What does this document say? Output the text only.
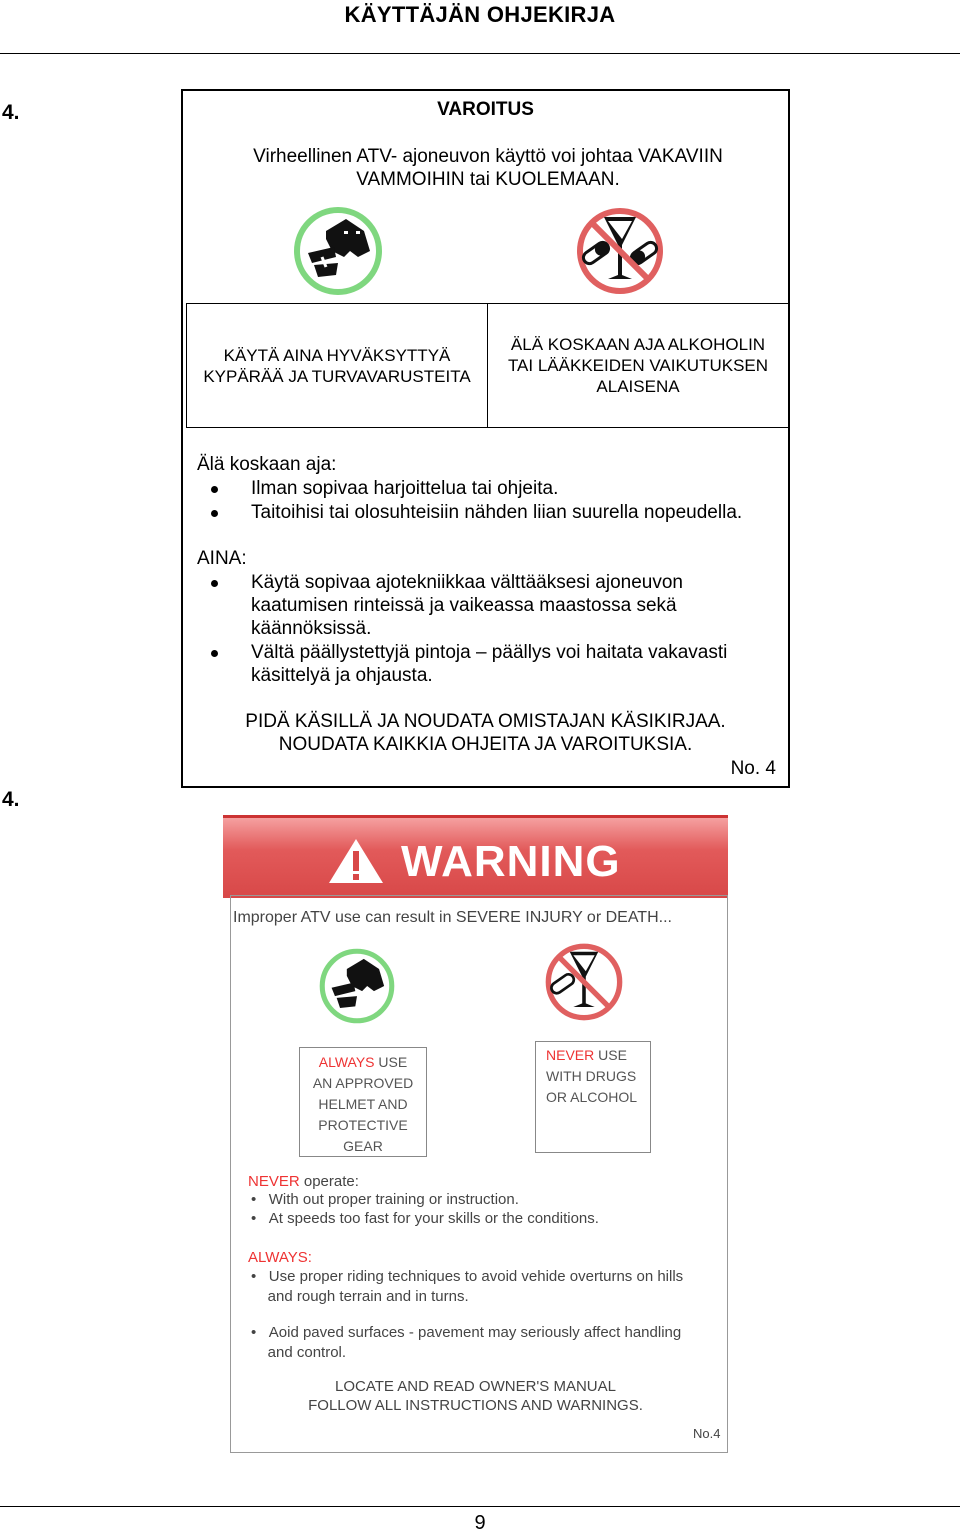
KÄYTTÄJÄN OHJEKIRJA
4.
4.
VAROITUS
Virheellinen ATV- ajoneuvon käyttö voi johtaa VAKAVIIN VAMMOIHIN tai KUOLEMAAN.
KÄYTÄ AINA HYVÄKSYTTYÄ KYPÄRÄÄ JA TURVAVARUSTEITA
ÄLÄ KOSKAAN AJA ALKOHOLIN TAI LÄÄKKEIDEN VAIKUTUKSEN ALAISENA
Älä koskaan aja:
Ilman sopivaa harjoittelua tai ohjeita.
Taitoihisi tai olosuhteisiin nähden liian suurella nopeudella.
AINA:
Käytä sopivaa ajotekniikkaa välttääksesi ajoneuvon
kaatumisen rinteissä ja vaikeassa maastossa sekä
käännöksissä.
Vältä päällystettyjä pintoja – päällys voi haitata vakavasti
käsittelyä ja ohjausta.
PIDÄ KÄSILLÄ JA NOUDATA OMISTAJAN KÄSIKIRJAA.
NOUDATA KAIKKIA OHJEITA JA VAROITUKSIA.
No. 4
WARNING
Improper ATV use can result in SEVERE INJURY or DEATH...
ALWAYS USE
AN APPROVED
HELMET AND
PROTECTIVE
GEAR
NEVER USE
WITH DRUGS
OR ALCOHOL
NEVER operate:
•   With out proper training or instruction.
•   At speeds too fast for your skills or the conditions.
ALWAYS:
•   Use proper riding techniques to avoid vehide overturns on hills
and rough terrain and in turns.
•   Aoid paved surfaces - pavement may seriously affect handling
and control.
LOCATE AND READ OWNER'S MANUAL
FOLLOW ALL INSTRUCTIONS AND WARNINGS.
No.4
9
